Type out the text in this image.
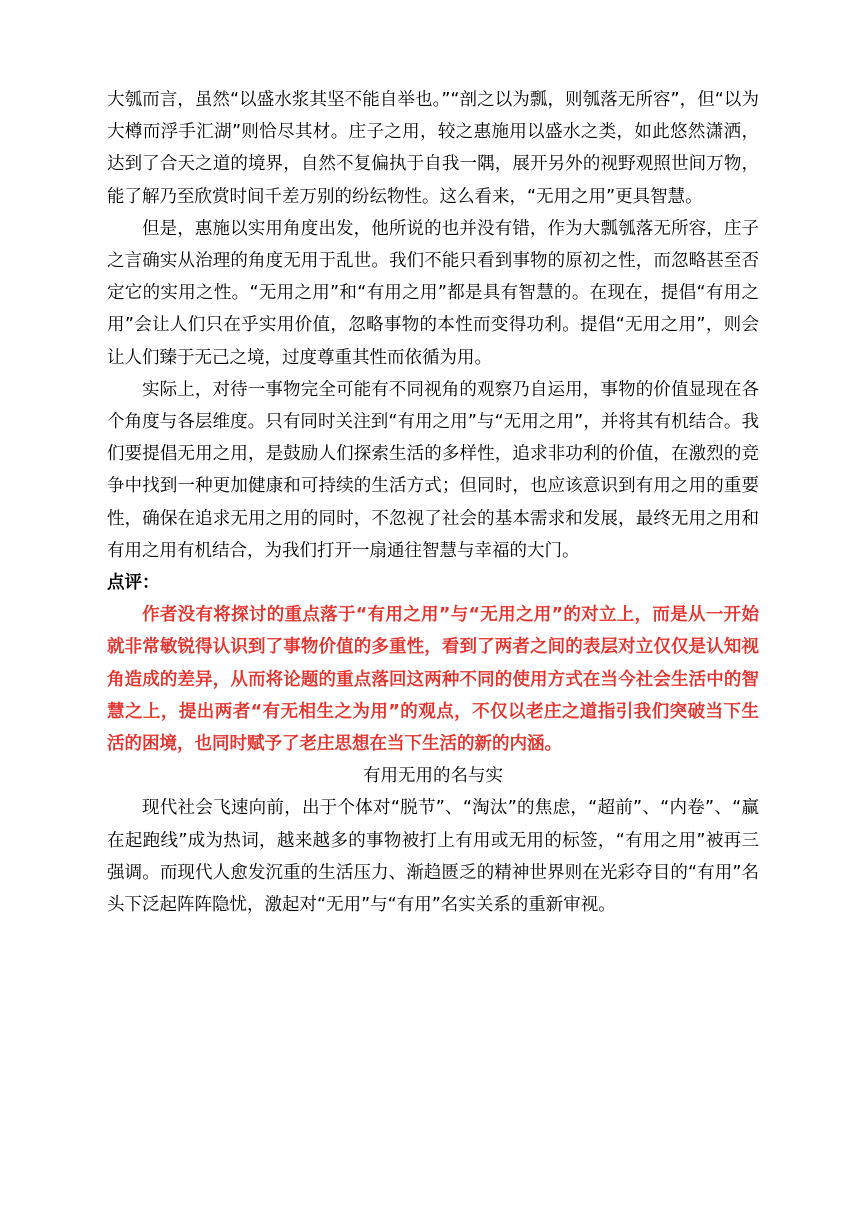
大瓠而言，虽然“以盛水浆其坚不能自举也。”“剖之以为瓢，则瓠落无所容”，但“以为大樽而浮手汇湖”则恰尽其材。庄子之用，较之惠施用以盛水之类，如此悠然潇洒，达到了合天之道的境界，自然不复偏执于自我一隅，展开另外的视野观照世间万物，能了解乃至欣赏时间千差万别的纷纭物性。这么看来，“无用之用”更具智慧。

但是，惠施以实用角度出发，他所说的也并没有错，作为大瓢瓠落无所容，庄子之言确实从治理的角度无用于乱世。我们不能只看到事物的原初之性，而忽略甚至否定它的实用之性。“无用之用”和“有用之用”都是具有智慧的。在现在，提倡“有用之用”会让人们只在乎实用价值，忽略事物的本性而变得功利。提倡“无用之用”，则会让人们臻于无己之境，过度尊重其性而依循为用。

实际上，对待一事物完全可能有不同视角的观察乃自运用，事物的价值显现在各个角度与各层维度。只有同时关注到“有用之用”与“无用之用”，并将其有机结合。我们要提倡无用之用，是鼓励人们探索生活的多样性，追求非功利的价值，在激烈的竞争中找到一种更加健康和可持续的生活方式；但同时，也应该意识到有用之用的重要性，确保在追求无用之用的同时，不忽视了社会的基本需求和发展，最终无用之用和有用之用有机结合，为我们打开一扇通往智慧与幸福的大门。

点评：

作者没有将探讨的重点落于“有用之用”与“无用之用”的对立上，而是从一开始就非常敏锐得认识到了事物价值的多重性，看到了两者之间的表层对立仅仅是认知视角造成的差异，从而将论题的重点落回这两种不同的使用方式在当今社会生活中的智慧之上，提出两者“有无相生之为用”的观点，不仅以老庄之道指引我们突破当下生活的困境，也同时赋予了老庄思想在当下生活的新的内涵。

有用无用的名与实

现代社会飞速向前，出于个体对“脱节”、“淘汰”的焦虑，“超前”、“内卷”、“赢在起跑线”成为热词，越来越多的事物被打上有用或无用的标签，“有用之用”被再三强调。而现代人愈发沉重的生活压力、渐趋匮乏的精神世界则在光彩夺目的“有用”名头下泛起阵阵隐忧，激起对“无用”与“有用”名实关系的重新审视。
